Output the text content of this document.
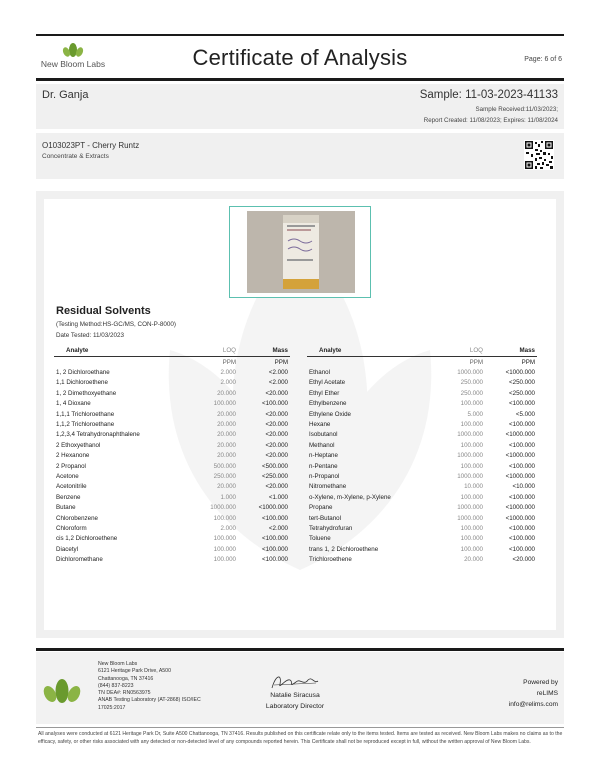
New Bloom Labs	Certificate of Analysis	Page: 6 of 6
Dr. Ganja	Sample: 11-03-2023-41133
Sample Received:11/03/2023;
Report Created: 11/08/2023; Expires: 11/08/2024
O103023PT - Cherry Runtz
Concentrate & Extracts
Residual Solvents
(Testing Method:HS-GC/MS, CON-P-8000)
Date Tested: 11/03/2023
Analyte	LOQ	Mass
	PPM	PPM
1, 2 Dichloroethane	2.000	<2.000
1,1 Dichloroethene	2.000	<2.000
1, 2 Dimethoxyethane	20.000	<20.000
1, 4 Dioxane	100.000	<100.000
1,1,1 Trichloroethane	20.000	<20.000
1,1,2 Trichloroethane	20.000	<20.000
1,2,3,4 Tetrahydronaphthalene	20.000	<20.000
2 Ethoxyethanol	20.000	<20.000
2 Hexanone	20.000	<20.000
2 Propanol	500.000	<500.000
Acetone	250.000	<250.000
Acetonitrile	20.000	<20.000
Benzene	1.000	<1.000
Butane	1000.000	<1000.000
Chlorobenzene	100.000	<100.000
Chloroform	2.000	<2.000
cis 1,2 Dichloroethene	100.000	<100.000
Diacetyl	100.000	<100.000
Dichloromethane	100.000	<100.000
Analyte	LOQ	Mass
	PPM	PPM
Ethanol	1000.000	<1000.000
Ethyl Acetate	250.000	<250.000
Ethyl Ether	250.000	<250.000
Ethylbenzene	100.000	<100.000
Ethylene Oxide	5.000	<5.000
Hexane	100.000	<100.000
Isobutanol	1000.000	<1000.000
Methanol	100.000	<100.000
n-Heptane	1000.000	<1000.000
n-Pentane	100.000	<100.000
n-Propanol	1000.000	<1000.000
Nitromethane	10.000	<10.000
o-Xylene, m-Xylene, p-Xylene	100.000	<100.000
Propane	1000.000	<1000.000
tert-Butanol	1000.000	<1000.000
Tetrahydrofuran	100.000	<100.000
Toluene	100.000	<100.000
trans 1, 2 Dichloroethene	100.000	<100.000
Trichloroethene	20.000	<20.000
New Bloom Labs
6121 Heritage Park Drive, A500
Chattanooga, TN 37416
(844) 837-8223
TN DEA#: RN0563975
ANAB Testing Laboratory (AT-2868) ISO/IEC
17025:2017
Natalie Siracusa
Laboratory Director
Powered by
reLIMS
info@relims.com
All analyses were conducted at 6121 Heritage Park Dr, Suite A500 Chattanooga, TN 37416. Results published on this certificate relate only to the items tested. Items are tested as received. New Bloom Labs makes no claims as to the efficacy, safety, or other risks associated with any detected or non-detected level of any compounds reported herein. This Certificate shall not be reproduced except in full, without the written approval of New Bloom Labs.
